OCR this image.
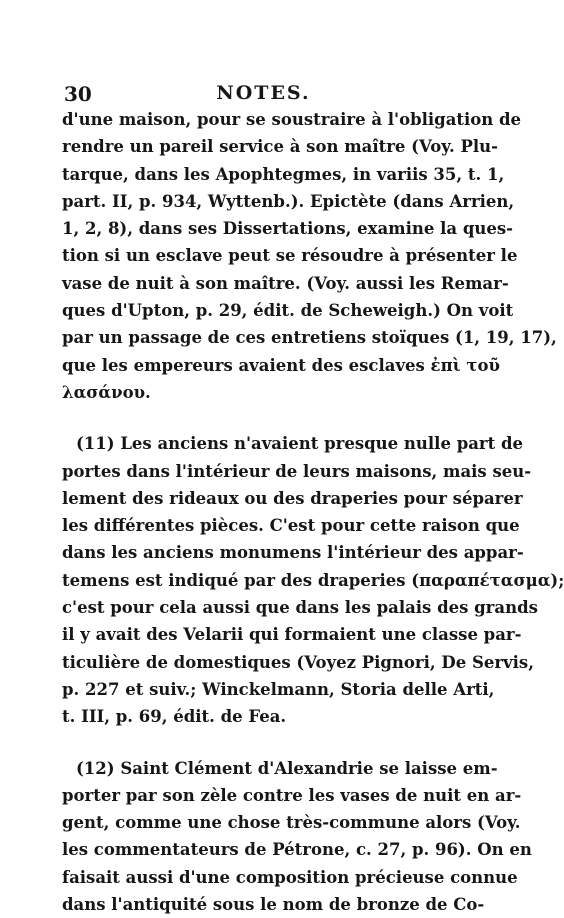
30	NOTES.
d'une maison, pour se soustraire à l'obligation de
rendre un pareil service à son maître (Voy. Plu-
tarque, dans les Apophtegmes, in variis 35, t. 1,
part. II, p. 934, Wyttenb.). Epictète (dans Arrien,
1, 2, 8), dans ses Dissertations, examine la ques-
tion si un esclave peut se résoudre à présenter le
vase de nuit à son maître. (Voy. aussi les Remar-
ques d'Upton, p. 29, édit. de Scheweigh.) On voit
par un passage de ces entretiens stoïques (1, 19, 17),
que les empereurs avaient des esclaves ἐπὶ τοῦ
λασάνου.
(11) Les anciens n'avaient presque nulle part de
portes dans l'intérieur de leurs maisons, mais seu-
lement des rideaux ou des draperies pour séparer
les différentes pièces. C'est pour cette raison que
dans les anciens monumens l'intérieur des appar-
temens est indiqué par des draperies (παραπέτασμα);
c'est pour cela aussi que dans les palais des grands
il y avait des Velarii qui formaient une classe par-
ticulière de domestiques (Voyez Pignori, De Servis,
p. 227 et suiv.; Winckelmann, Storia delle Arti,
t. III, p. 69, édit. de Fea.
(12) Saint Clément d'Alexandrie se laisse em-
porter par son zèle contre les vases de nuit en ar-
gent, comme une chose très-commune alors (Voy.
les commentateurs de Pétrone, c. 27, p. 96). On en
faisait aussi d'une composition précieuse connue
dans l'antiquité sous le nom de bronze de Co-
